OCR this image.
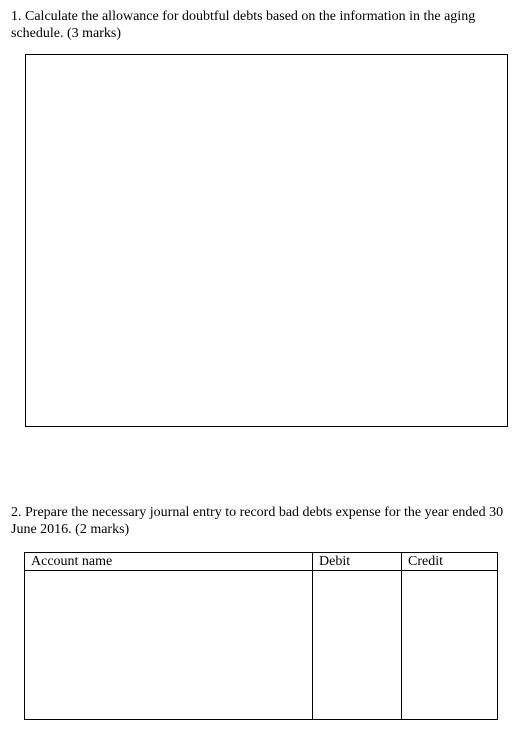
1. Calculate the allowance for doubtful debts based on the information in the aging schedule. (3 marks)

2. Prepare the necessary journal entry to record bad debts expense for the year ended 30 June 2016. (2 marks)

Account name	Debit	Credit
